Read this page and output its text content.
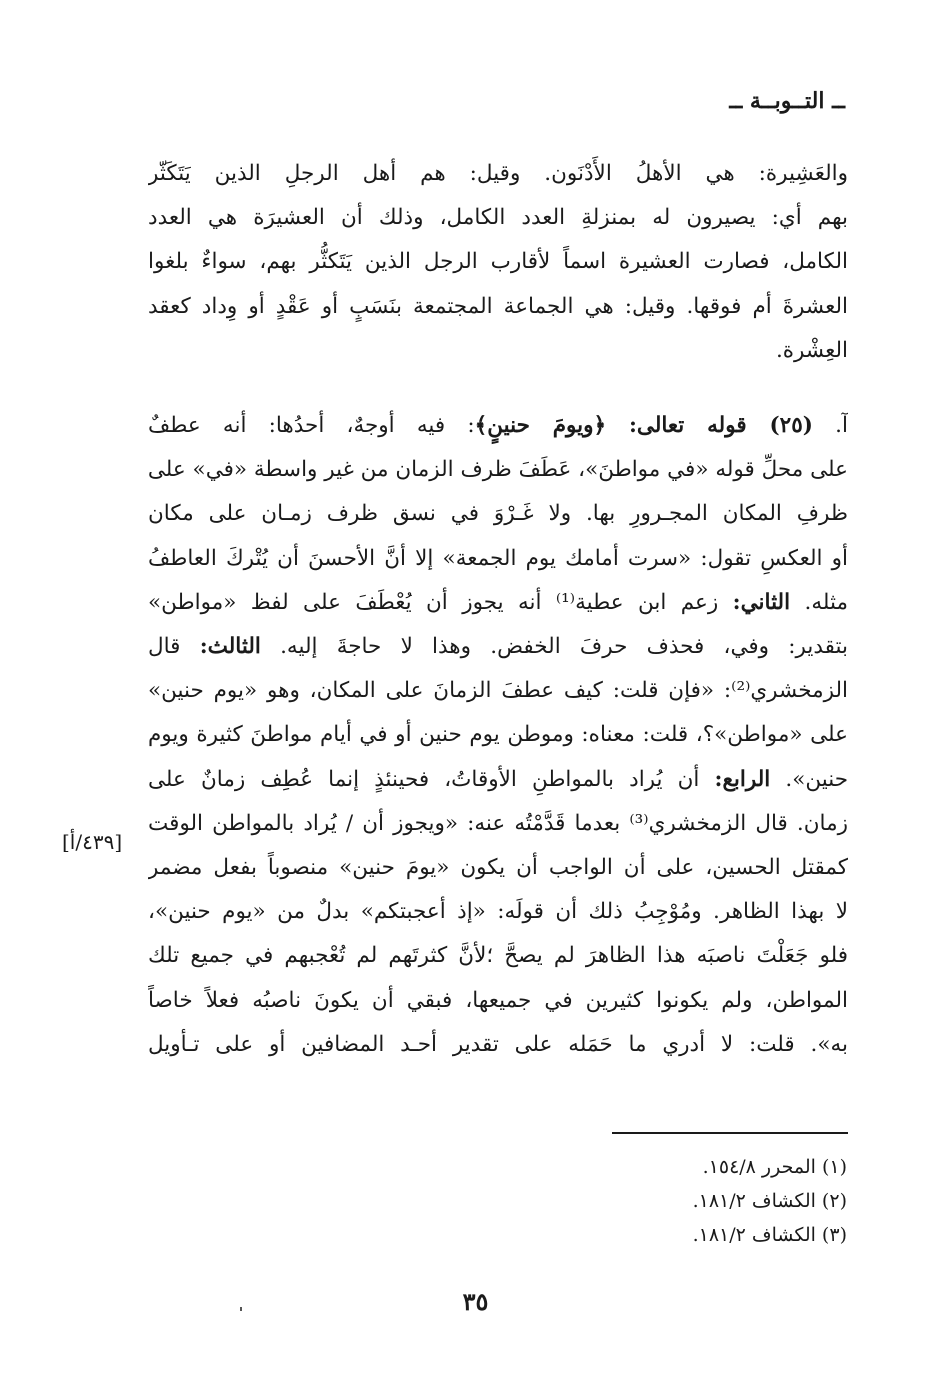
ــ التــوبــة ــ
والعَشِيرة: هي الأهلُ الأَدْنَون. وقيل: هم أهل الرجلِ الذين يَتَكَثّر
بهم أي: يصيرون له بمنزلةِ العدد الكامل، وذلك أن العشيرَة هي العدد
الكامل، فصارت العشيرة اسماً لأقارب الرجل الذين يَتَكثُّر بهم، سواءٌ بلغوا
العشرةَ أم فوقها. وقيل: هي الجماعة المجتمعة بنَسَبٍ أو عَقْدٍ أو وِداد كعقد
العِشْرة.
آ. (٢٥) قوله تعالى: ﴿ويومَ حنينٍ﴾: فيه أوجهٌ، أحدُها: أنه عطفٌ
على محلِّ قوله «في مواطنَ»، عَطَفَ ظرف الزمان من غير واسطة «في» على
ظرفِ المكان المجـرورِ بها. ولا غَـرْوَ في نسق ظرف زمـان على مكان
أو العكسِ تقول: «سرت أمامك يوم الجمعة» إلا أنَّ الأحسنَ أن يُتْركَ العاطفُ
مثله. الثاني: زعم ابن عطية⁽¹⁾ أنه يجوز أن يُعْطَفَ على لفظ «مواطن»
بتقدير: وفي، فحذف حرفَ الخفض. وهذا لا حاجةَ إليه. الثالث: قال
الزمخشري⁽²⁾: «فإن قلت: كيف عطفَ الزمانَ على المكان، وهو «يوم حنين»
على «مواطن»؟، قلت: معناه: وموطن يوم حنين أو في أيام مواطنَ كثيرة ويوم
حنين». الرابع: أن يُراد بالمواطنِ الأوقاتُ، فحينئذٍ إنما عُطِف زمانٌ على
زمان. قال الزمخشري⁽³⁾ بعدما قَدَّمْتُه عنه: «ويجوز أن / يُراد بالمواطن الوقت
كمقتل الحسين، على أن الواجب أن يكون «يومَ حنين» منصوباً بفعل مضمر
لا بهذا الظاهر. ومُوْجِبُ ذلك أن قولَه: «إذ أعجبتكم» بدلٌ من «يوم حنين»،
فلو جَعَلْتَ ناصبَه هذا الظاهرَ لم يصحَّ ؛لأنَّ كثرتَهم لم تُعْجبهم في جميع تلك
المواطن، ولم يكونوا كثيرين في جميعها، فبقي أن يكونَ ناصبُه فعلاً خاصاً
به». قلت: لا أدري ما حَمَله على تقدير أحـد المضافين أو على تـأويل
[٤٣٩/أ]
(١) المحرر ١٥٤/٨.
(٢) الكشاف ١٨١/٢.
(٣) الكشاف ١٨١/٢.
٣٥
